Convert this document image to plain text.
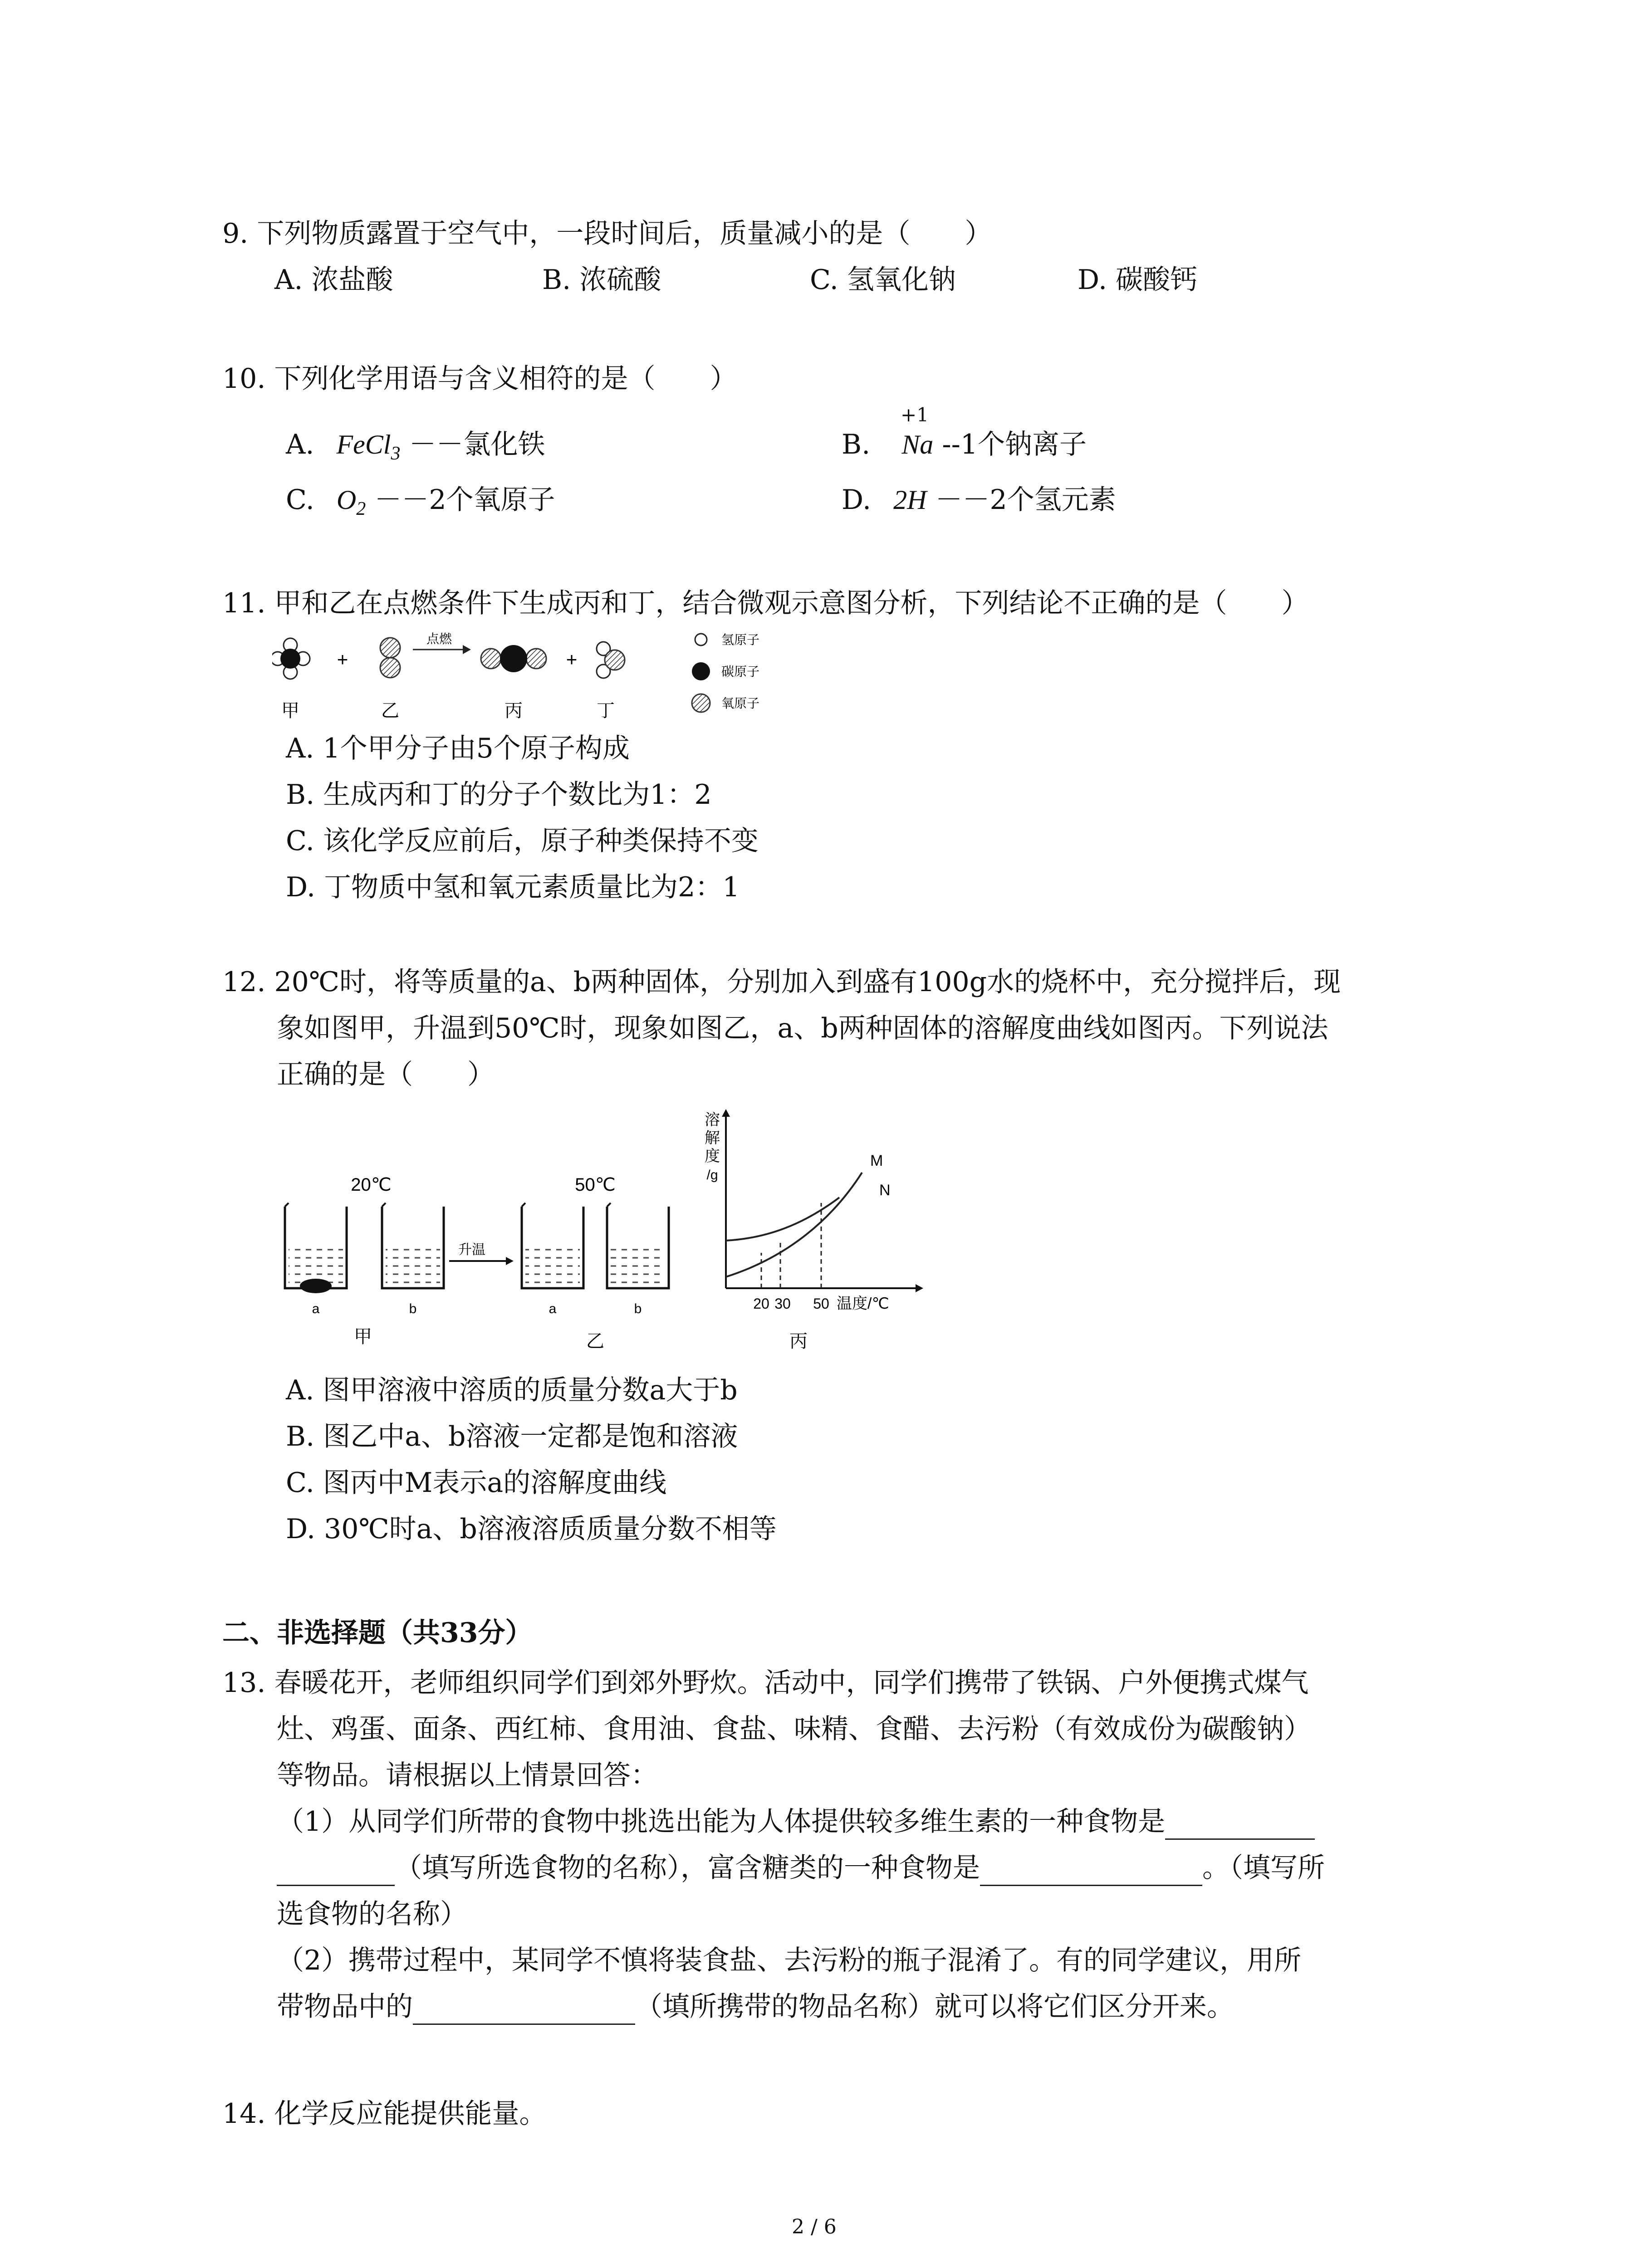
9. 下列物质露置于空气中，一段时间后，质量减小的是（　　）
A. 浓盐酸	B. 浓硫酸	C. 氢氧化钠	D. 碳酸钙
10. 下列化学用语与含义相符的是（　　）
A. FeCl$_3$ －－氯化铁
+1
B. Na --1个钠离子
C. $O_2 --2$个氧原子	D. 2H －－2个氢元素
11. 甲和乙在点燃条件下生成丙和丁，结合微观示意图分析，下列结论不正确的是（　　）
+
点燃
+
甲	乙	丙	丁
氢原子
碳原子
氧原子
A. 1个甲分子由5个原子构成
B. 生成丙和丁的分子个数比为1：2
C. 该化学反应前后，原子种类保持不变
D. 丁物质中氢和氧元素质量比为2：1
12. 20℃时，将等质量的a、b两种固体，分别加入到盛有100g水的烧杯中，充分搅拌后，现
象如图甲，升温到50℃时，现象如图乙，a、b两种固体的溶解度曲线如图丙。下列说法
正确的是（　　）
20℃
a	b
甲
升温
50℃
a	b
乙
溶
解
度
/g
M
N
20 30 50 温度/℃
丙
A. 图甲溶液中溶质的质量分数a大于b
B. 图乙中a、b溶液一定都是饱和溶液
C. 图丙中M表示a的溶解度曲线
D. 30℃时a、b溶液溶质质量分数不相等
二、非选择题（共33分）
13. 春暖花开，老师组织同学们到郊外野炊。活动中，同学们携带了铁锅、户外便携式煤气
灶、鸡蛋、面条、西红柿、食用油、食盐、味精、食醋、去污粉（有效成份为碳酸钠）
等物品。请根据以上情景回答：
（1）从同学们所带的食物中挑选出能为人体提供较多维生素的一种食物是
（填写所选食物的名称），富含糖类的一种食物是	。（填写所
选食物的名称）
（2）携带过程中，某同学不慎将装食盐、去污粉的瓶子混淆了。有的同学建议，用所
带物品中的	（填所携带的物品名称）就可以将它们区分开来。
14. 化学反应能提供能量。
2 / 6
